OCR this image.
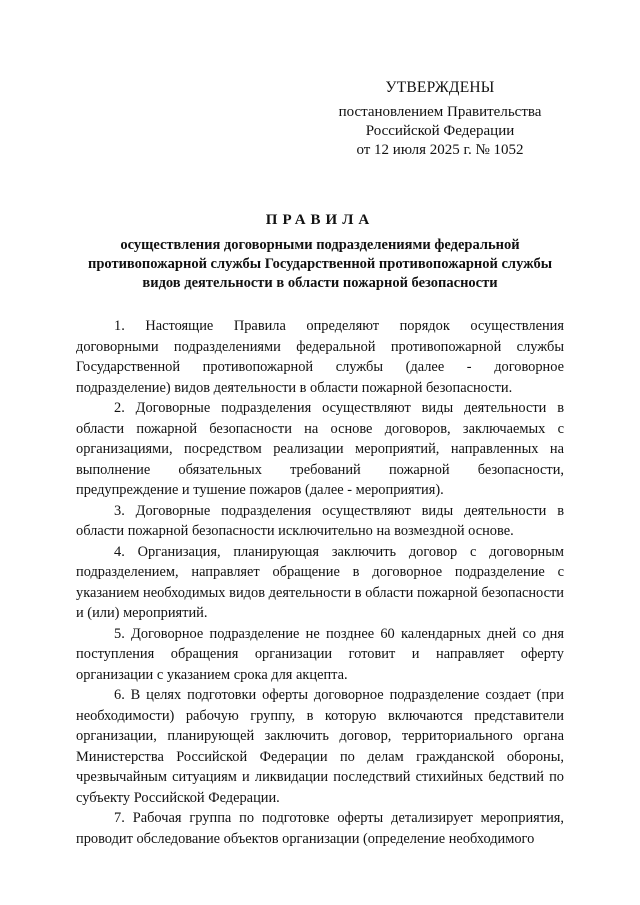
УТВЕРЖДЕНЫ
постановлением Правительства
Российской Федерации
от 12 июля 2025 г. № 1052
ПРАВИЛА
осуществления договорными подразделениями федеральной
противопожарной службы Государственной противопожарной службы
видов деятельности в области пожарной безопасности

1. Настоящие Правила определяют порядок осуществления договорными подразделениями федеральной противопожарной службы Государственной противопожарной службы (далее - договорное подразделение) видов деятельности в области пожарной безопасности.

2. Договорные подразделения осуществляют виды деятельности в области пожарной безопасности на основе договоров, заключаемых с организациями, посредством реализации мероприятий, направленных на выполнение обязательных требований пожарной безопасности, предупреждение и тушение пожаров (далее - мероприятия).

3. Договорные подразделения осуществляют виды деятельности в области пожарной безопасности исключительно на возмездной основе.

4. Организация, планирующая заключить договор с договорным подразделением, направляет обращение в договорное подразделение с указанием необходимых видов деятельности в области пожарной безопасности и (или) мероприятий.

5. Договорное подразделение не позднее 60 календарных дней со дня поступления обращения организации готовит и направляет оферту организации с указанием срока для акцепта.

6. В целях подготовки оферты договорное подразделение создает (при необходимости) рабочую группу, в которую включаются представители организации, планирующей заключить договор, территориального органа Министерства Российской Федерации по делам гражданской обороны, чрезвычайным ситуациям и ликвидации последствий стихийных бедствий по субъекту Российской Федерации.

7. Рабочая группа по подготовке оферты детализирует мероприятия, проводит обследование объектов организации (определение необходимого
